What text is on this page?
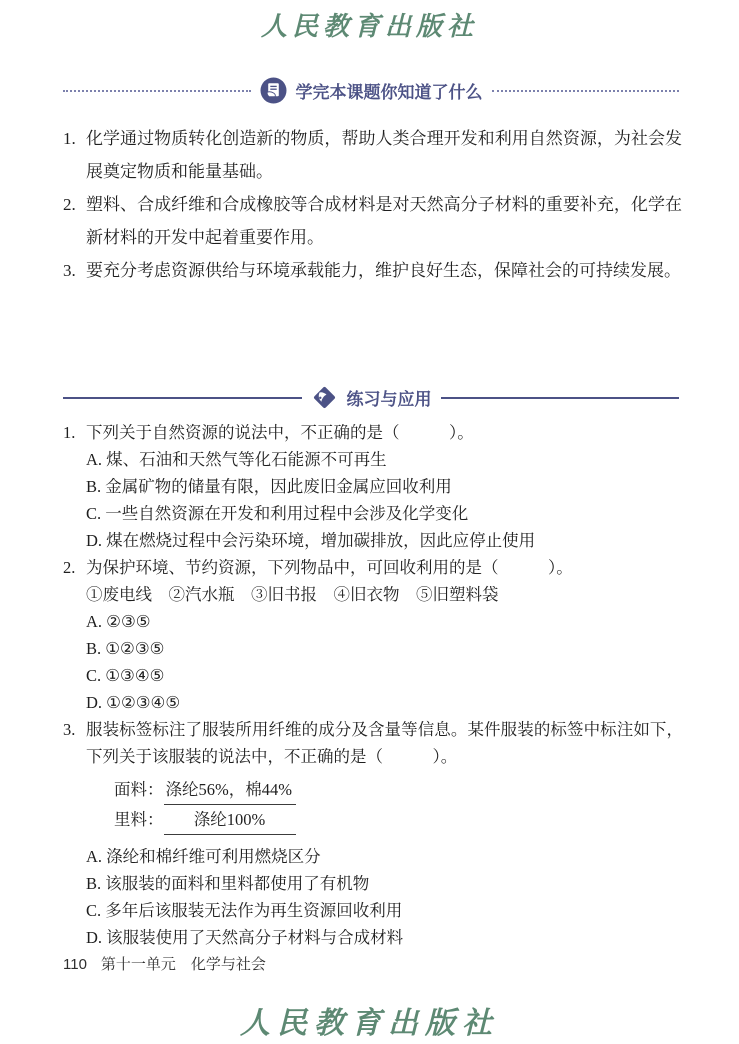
人民教育出版社
学完本课题你知道了什么
1. 化学通过物质转化创造新的物质，帮助人类合理开发和利用自然资源，为社会发展奠定物质和能量基础。
2. 塑料、合成纤维和合成橡胶等合成材料是对天然高分子材料的重要补充，化学在新材料的开发中起着重要作用。
3. 要充分考虑资源供给与环境承载能力，维护良好生态，保障社会的可持续发展。
练习与应用
1. 下列关于自然资源的说法中，不正确的是（　　　）。
A. 煤、石油和天然气等化石能源不可再生
B. 金属矿物的储量有限，因此废旧金属应回收利用
C. 一些自然资源在开发和利用过程中会涉及化学变化
D. 煤在燃烧过程中会污染环境，增加碳排放，因此应停止使用
2. 为保护环境、节约资源，下列物品中，可回收利用的是（　　　）。
①废电线　②汽水瓶　③旧书报　④旧衣物　⑤旧塑料袋
A. ②③⑤
B. ①②③⑤
C. ①③④⑤
D. ①②③④⑤
3. 服装标签标注了服装所用纤维的成分及含量等信息。某件服装的标签中标注如下，下列关于该服装的说法中，不正确的是（　　　）。
面料： 涤纶56%，棉44%
里料： 涤纶100%
A. 涤纶和棉纤维可利用燃烧区分
B. 该服装的面料和里料都使用了有机物
C. 多年后该服装无法作为再生资源回收利用
D. 该服装使用了天然高分子材料与合成材料
110 第十一单元　化学与社会
人民教育出版社
